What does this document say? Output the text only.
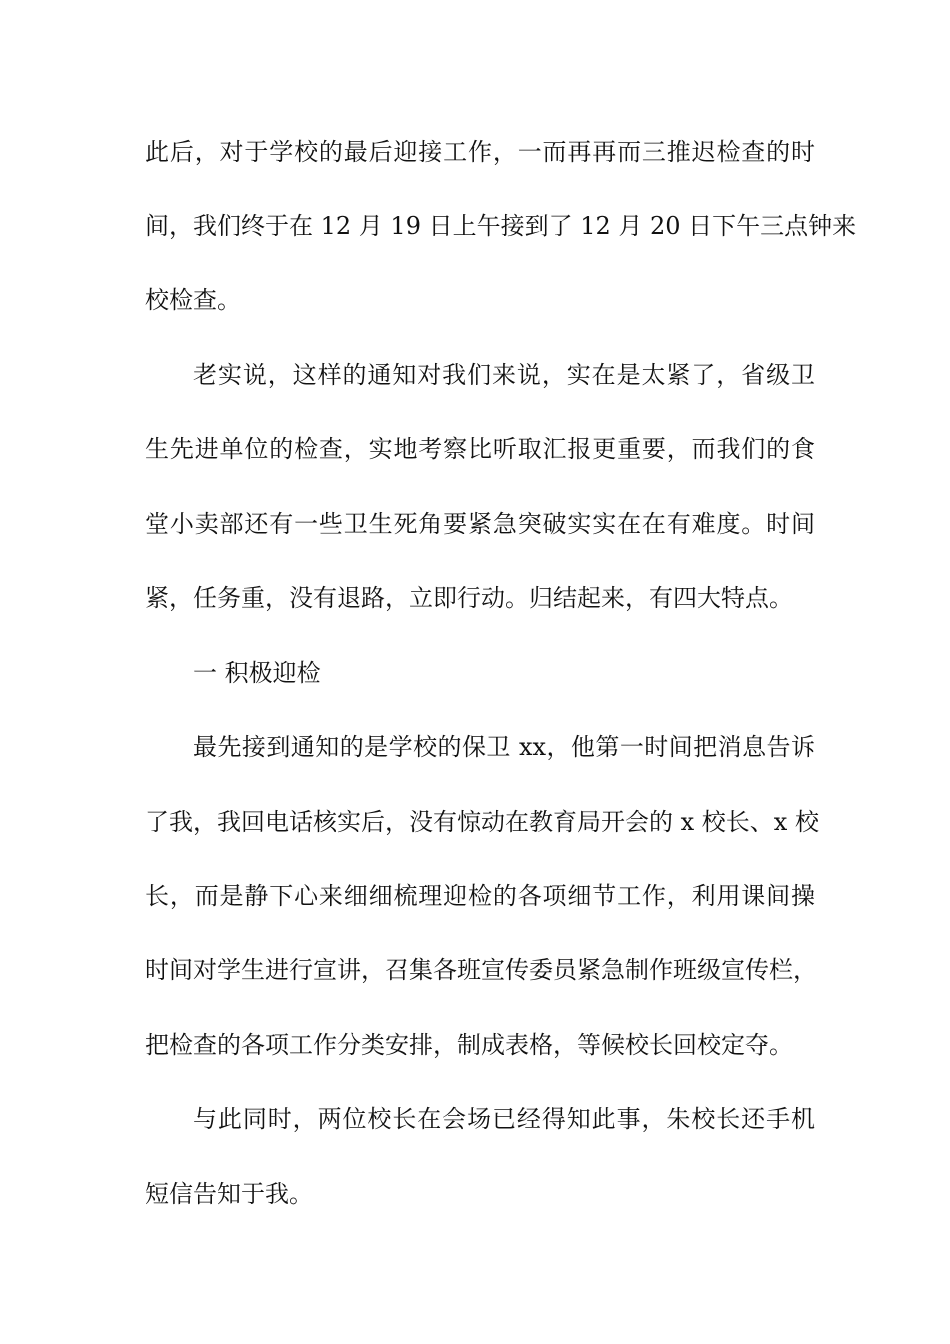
此后，对于学校的最后迎接工作，一而再再而三推迟检查的时
间，我们终于在 12 月 19 日上午接到了 12 月 20 日下午三点钟来
校检查。
老实说，这样的通知对我们来说，实在是太紧了，省级卫
生先进单位的检查，实地考察比听取汇报更重要，而我们的食
堂小卖部还有一些卫生死角要紧急突破实实在在有难度。时间
紧，任务重，没有退路，立即行动。归结起来，有四大特点。
一 积极迎检
最先接到通知的是学校的保卫 xx，他第一时间把消息告诉
了我，我回电话核实后，没有惊动在教育局开会的 x 校长、x 校
长，而是静下心来细细梳理迎检的各项细节工作，利用课间操
时间对学生进行宣讲，召集各班宣传委员紧急制作班级宣传栏，
把检查的各项工作分类安排，制成表格，等候校长回校定夺。
与此同时，两位校长在会场已经得知此事，朱校长还手机
短信告知于我。
